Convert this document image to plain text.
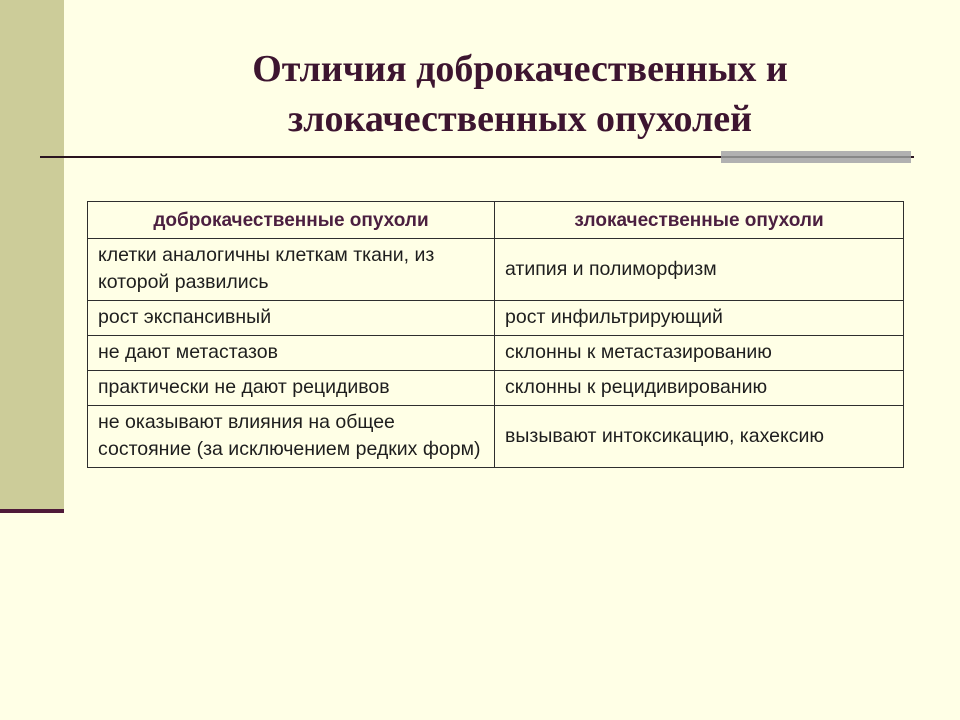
Отличия доброкачественных и злокачественных опухолей
доброкачественные опухоли	злокачественные опухоли
клетки аналогичны клеткам ткани, из которой развились	атипия и полиморфизм
рост экспансивный	рост инфильтрирующий
не дают метастазов	склонны к метастазированию
практически не дают рецидивов	склонны к рецидивированию
не оказывают влияния на общее состояние (за исключением редких форм)	вызывают интоксикацию, кахексию
